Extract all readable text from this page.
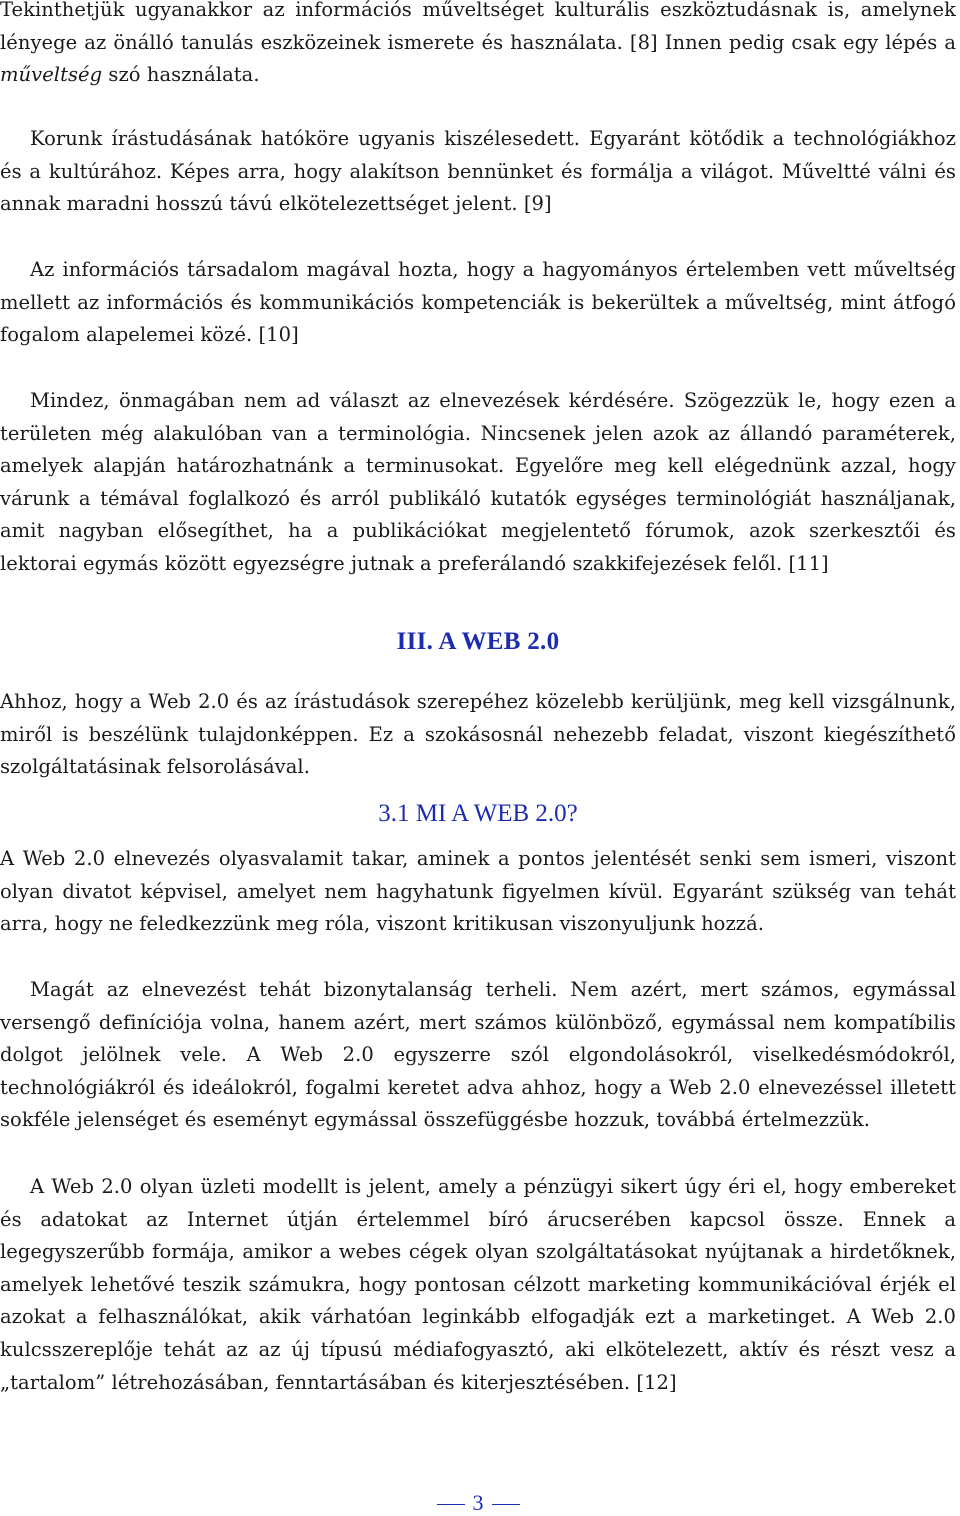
Tekinthetjük ugyanakkor az információs műveltséget kulturális eszköztudásnak is, amelynek lényege az önálló tanulás eszközeinek ismerete és használata. [8] Innen pedig csak egy lépés a műveltség szó használata.

Korunk írástudásának hatóköre ugyanis kiszélesedett. Egyaránt kötődik a technológiákhoz és a kultúrához. Képes arra, hogy alakítson bennünket és formálja a világot. Műveltté válni és annak maradni hosszú távú elkötelezettséget jelent. [9]

Az információs társadalom magával hozta, hogy a hagyományos értelemben vett műveltség mellett az információs és kommunikációs kompetenciák is bekerültek a műveltség, mint átfogó fogalom alapelemei közé. [10]

Mindez, önmagában nem ad választ az elnevezések kérdésére. Szögezzük le, hogy ezen a területen még alakulóban van a terminológia. Nincsenek jelen azok az állandó paraméterek, amelyek alapján határozhatnánk a terminusokat. Egyelőre meg kell elégednünk azzal, hogy várunk a témával foglalkozó és arról publikáló kutatók egységes terminológiát használjanak, amit nagyban elősegíthet, ha a publikációkat megjelentető fórumok, azok szerkesztői és lektorai egymás között egyezségre jutnak a preferálandó szakkifejezések felől. [11]

III. A WEB 2.0

Ahhoz, hogy a Web 2.0 és az írástudások szerepéhez közelebb kerüljünk, meg kell vizsgálnunk, miről is beszélünk tulajdonképpen. Ez a szokásosnál nehezebb feladat, viszont kiegészíthető szolgáltatásinak felsorolásával.

3.1 MI A WEB 2.0?

A Web 2.0 elnevezés olyasvalamit takar, aminek a pontos jelentését senki sem ismeri, viszont olyan divatot képvisel, amelyet nem hagyhatunk figyelmen kívül. Egyaránt szükség van tehát arra, hogy ne feledkezzünk meg róla, viszont kritikusan viszonyuljunk hozzá.

Magát az elnevezést tehát bizonytalanság terheli. Nem azért, mert számos, egymással versengő definíciója volna, hanem azért, mert számos különböző, egymással nem kompatíbilis dolgot jelölnek vele. A Web 2.0 egyszerre szól elgondolásokról, viselkedésmódokról, technológiákról és ideálokról, fogalmi keretet adva ahhoz, hogy a Web 2.0 elnevezéssel illetett sokféle jelenséget és eseményt egymással összefüggésbe hozzuk, továbbá értelmezzük.

A Web 2.0 olyan üzleti modellt is jelent, amely a pénzügyi sikert úgy éri el, hogy embereket és adatokat az Internet útján értelemmel bíró árucserében kapcsol össze. Ennek a legegyszerűbb formája, amikor a webes cégek olyan szolgáltatásokat nyújtanak a hirdetőknek, amelyek lehetővé teszik számukra, hogy pontosan célzott marketing kommunikációval érjék el azokat a felhasználókat, akik várhatóan leginkább elfogadják ezt a marketinget. A Web 2.0 kulcsszereplője tehát az az új típusú médiafogyasztó, aki elkötelezett, aktív és részt vesz a „tartalom” létrehozásában, fenntartásában és kiterjesztésében. [12]

3
